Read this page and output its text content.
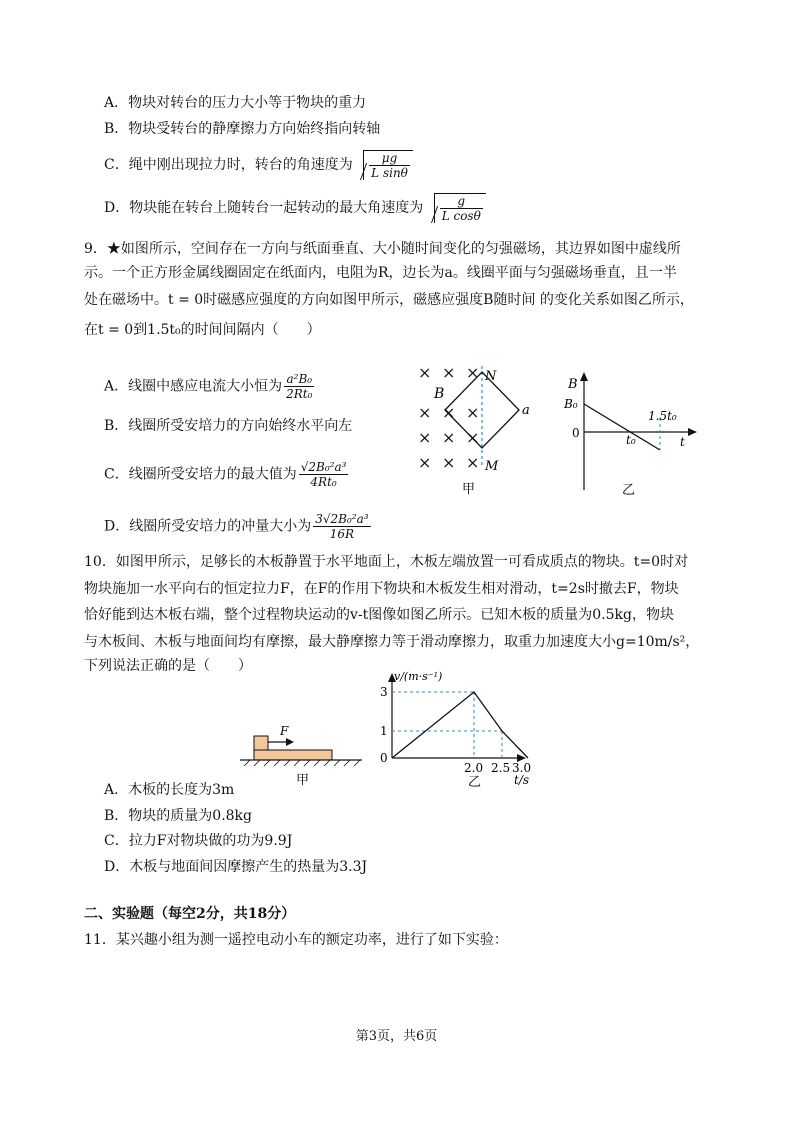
A．物块对转台的压力大小等于物块的重力
B．物块受转台的静摩擦力方向始终指向转轴
C．绳中刚出现拉力时，转台的角速度为 $\frac{\mu g}{\text{L sinθ}}$
D．物块能在转台上随转台一起转动的最大角速度为 $\frac{g}{\text{L cosθ}}$
9．★如图所示，空间存在一方向与纸面垂直、大小随时间变化的匀强磁场，其边界如图中虚线所
示。一个正方形金属线圈固定在纸面内，电阻为R，边长为a。线圈平面与匀强磁场垂直，且一半
处在磁场中。t = 0时磁感应强度的方向如图甲所示，磁感应强度B随时间 的变化关系如图乙所示，
在t = 0到1.5t₀的时间间隔内（　　）
A．线圈中感应电流大小恒为 $\frac{\text{a²B₀}}{\text{2Rt₀}}$
B．线圈所受安培力的方向始终水平向左
C．线圈所受安培力的最大值为 $\frac{\text{√2B₀²a³}}{\text{4Rt₀}}$
D．线圈所受安培力的冲量大小为 $\frac{\text{3√2B₀²a³}}{16R}$
× × ×
× × ×
× × ×
× × ×
B
N
M
a
甲
B
B₀
0	t₀
1.5t₀
t
乙
10．如图甲所示，足够长的木板静置于水平地面上，木板左端放置一可看成质点的物块。t=0时对
物块施加一水平向右的恒定拉力F，在F的作用下物块和木板发生相对滑动，t=2s时撤去F，物块
恰好能到达木板右端，整个过程物块运动的v-t图像如图乙所示。已知木板的质量为0.5kg，物块
与木板间、木板与地面间均有摩擦，最大静摩擦力等于滑动摩擦力，取重力加速度大小g=10m/s²，
下列说法正确的是（　　）
F
甲
v/(m·s⁻¹)
3
1
0
2.0 2.5 3.0
t/s
乙
A．木板的长度为3m
B．物块的质量为0.8kg
C．拉力F对物块做的功为9.9J
D．木板与地面间因摩擦产生的热量为3.3J
二、实验题（每空2分，共18分）
11．某兴趣小组为测一遥控电动小车的额定功率，进行了如下实验：
第3页，共6页
